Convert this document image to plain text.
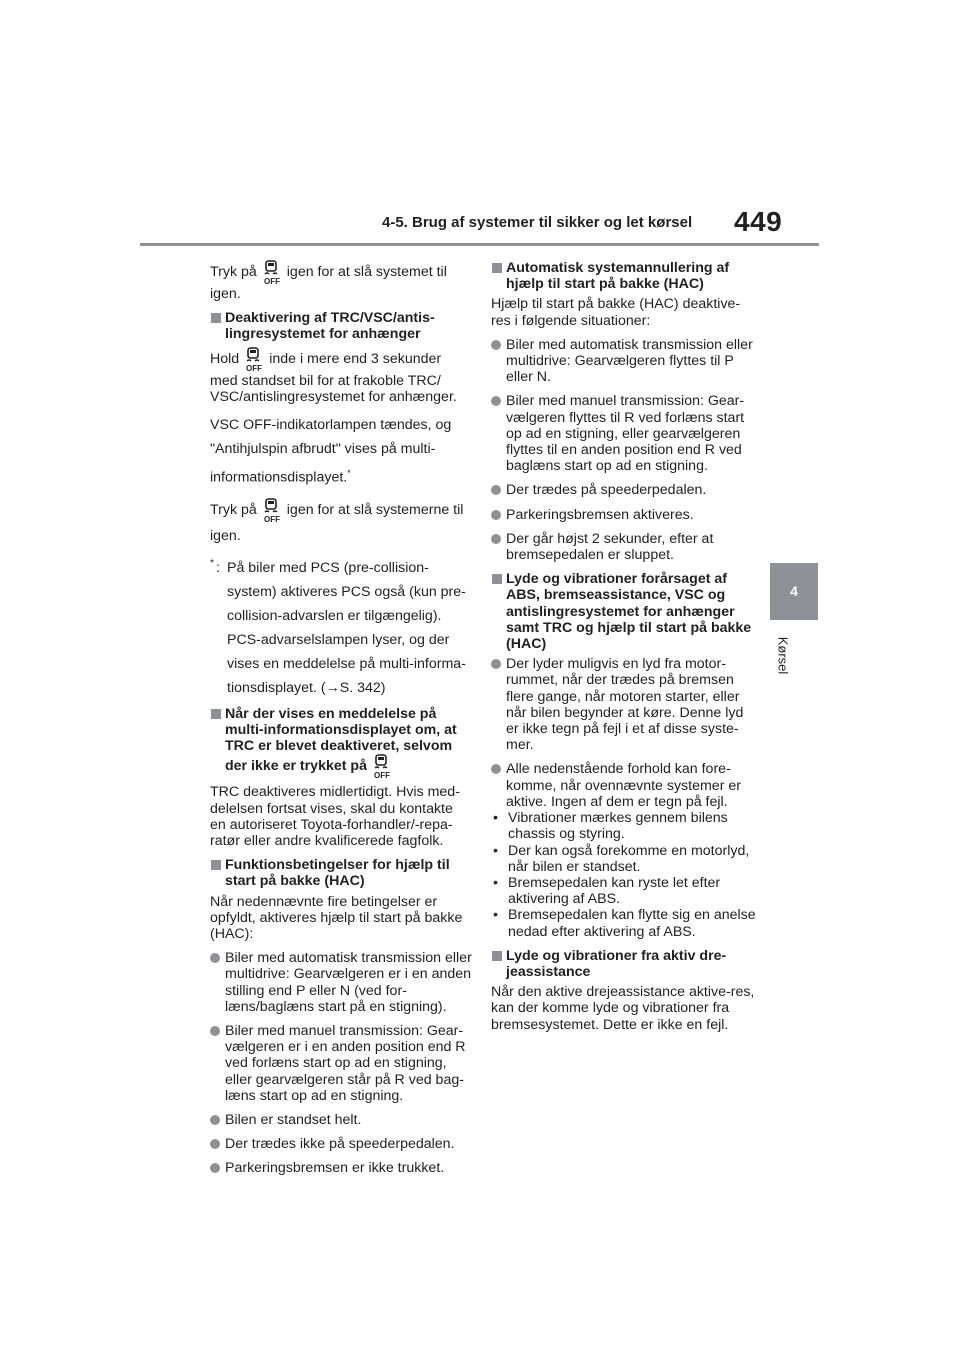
4-5. Brug af systemer til sikker og let kørsel 449
4
Kørsel

Tryk på
OFF
igen for at slå systemet til igen.

Deaktivering af TRC/VSC/antis-lingresystemet for anhænger

Hold
OFF
inde i mere end 3 sekunder med standset bil for at frakoble TRC/ VSC/antislingresystemet for anhænger.

VSC OFF-indikatorlampen tændes, og "Antihjulspin afbrudt" vises på multi-informationsdisplayet.*

Tryk på
OFF
igen for at slå systemerne til igen.

* : På biler med PCS (pre-collision-system) aktiveres PCS også (kun pre-collision-advarslen er tilgængelig). PCS-advarselslampen lyser, og der vises en meddelelse på multi-informa-tionsdisplayet. (→S. 342)
Når der vises en meddelelse på multi-informationsdisplayet om, at TRC er blevet deaktiveret, selvom der ikke er trykket på
OFF

TRC deaktiveres midlertidigt. Hvis med-delelsen fortsat vises, skal du kontakte en autoriseret Toyota-forhandler/-repa-ratør eller andre kvalificerede fagfolk.

Funktionsbetingelser for hjælp til start på bakke (HAC)

Når nedennævnte fire betingelser er opfyldt, aktiveres hjælp til start på bakke (HAC):

Biler med automatisk transmission eller multidrive: Gearvælgeren er i en anden stilling end P eller N (ved for-læns/baglæns start på en stigning).
Biler med manuel transmission: Gear-vælgeren er i en anden position end R ved forlæns start op ad en stigning, eller gearvælgeren står på R ved bag-læns start op ad en stigning.
Bilen er standset helt.
Der trædes ikke på speederpedalen.
Parkeringsbremsen er ikke trukket.
Automatisk systemannullering af hjælp til start på bakke (HAC)

Hjælp til start på bakke (HAC) deaktive-res i følgende situationer:

Biler med automatisk transmission eller multidrive: Gearvælgeren flyttes til P eller N.
Biler med manuel transmission: Gear-vælgeren flyttes til R ved forlæns start op ad en stigning, eller gearvælgeren flyttes til en anden position end R ved baglæns start op ad en stigning.
Der trædes på speederpedalen.
Parkeringsbremsen aktiveres.
Der går højst 2 sekunder, efter at bremsepedalen er sluppet.
Lyde og vibrationer forårsaget af ABS, bremseassistance, VSC og antislingresystemet for anhænger samt TRC og hjælp til start på bakke (HAC)
Der lyder muligvis en lyd fra motor-rummet, når der trædes på bremsen flere gange, når motoren starter, eller når bilen begynder at køre. Denne lyd er ikke tegn på fejl i et af disse syste-mer.
Alle nedenstående forhold kan fore-komme, når ovennævnte systemer er aktive. Ingen af dem er tegn på fejl.
• Vibrationer mærkes gennem bilens chassis og styring.
• Der kan også forekomme en motorlyd, når bilen er standset.
• Bremsepedalen kan ryste let efter aktivering af ABS.
• Bremsepedalen kan flytte sig en anelse nedad efter aktivering af ABS.
Lyde og vibrationer fra aktiv dre-jeassistance

Når den aktive drejeassistance aktive-res, kan der komme lyde og vibrationer fra bremsesystemet. Dette er ikke en fejl.
